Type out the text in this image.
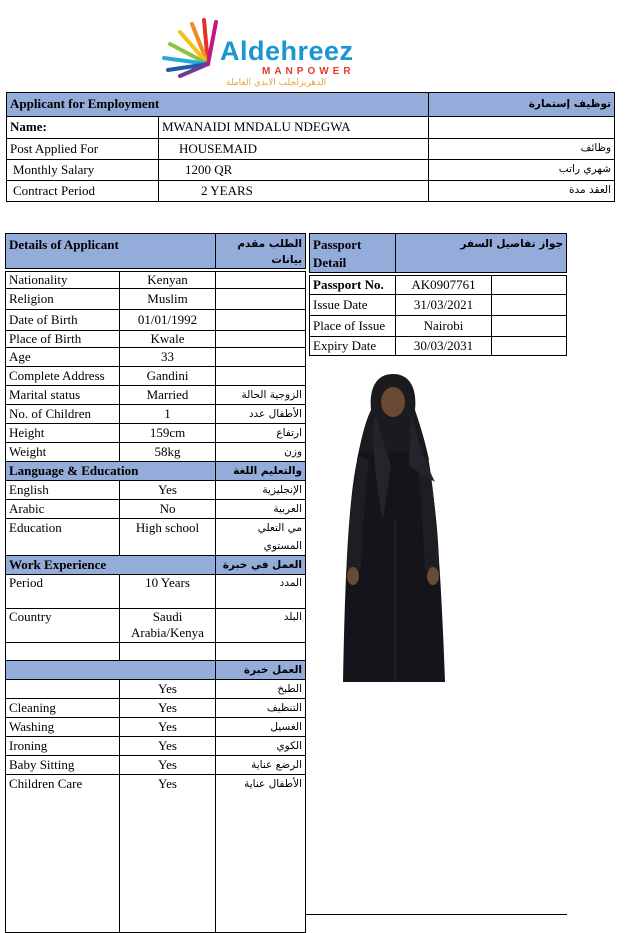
Aldehreez
MANPOWER
الدهريزلجلب الايدي العاملة
Applicant for Employment		توظيف إستمارة
Name:	MWANAIDI MNDALU NDEGWA	
Post Applied For	HOUSEMAID	وظائف
Monthly Salary	1200 QR	شهري راتب
Contract Period	2 YEARS	العقد مدة
Details of Applicant		الطلب مقدم بيانات

Nationality	Kenyan	
Religion	Muslim	
Date of Birth	01/01/1992	
Place of Birth	Kwale	
Age	33	
Complete Address	Gandini	
Marital status	Married	الزوجية الحالة
No. of Children	1	الأطفال عدد
Height	159cm	ارتفاع
Weight	58kg	وزن
Language & Education		والتعليم اللغة
English	Yes	الإنجليزية
Arabic	No	العربية
Education	High school	مي التعلي المستوي
Work Experience		العمل في خبرة
Period	10 Years	المدد
Country	Saudi Arabia/Kenya	البلد

		العمل خبرة
	Yes	الطبخ
Cleaning	Yes	التنظيف
Washing	Yes	الغسيل
Ironing	Yes	الكوي
Baby Sitting	Yes	الرضع عناية
Children Care	Yes	الأطفال عناية
Passport Detail	جواز تفاصيل السفر	

Passport No.	AK0907761	
Issue Date	31/03/2021	
Place of Issue	Nairobi	
Expiry Date	30/03/2031	
